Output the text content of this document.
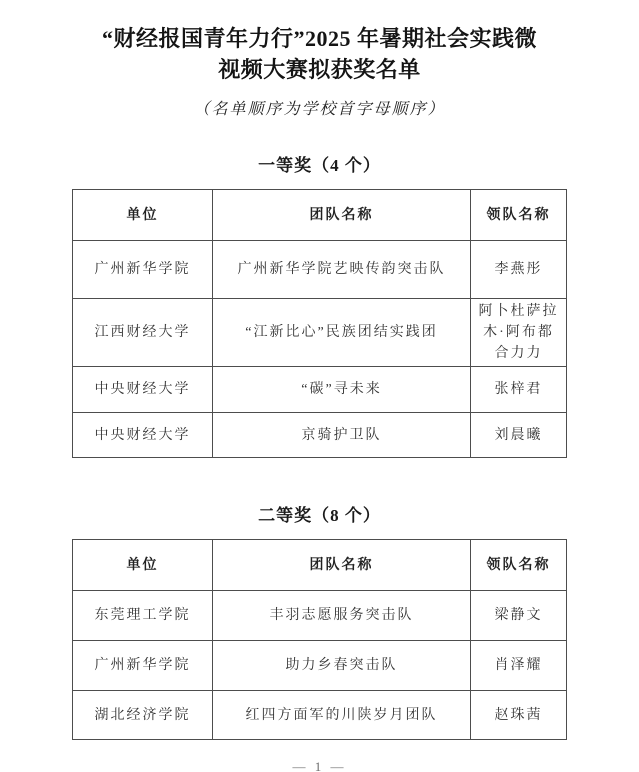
“财经报国青年力行”2025 年暑期社会实践微
视频大赛拟获奖名单
（名单顺序为学校首字母顺序）
一等奖（4 个）
单位	团队名称	领队名称
广州新华学院	广州新华学院艺映传韵突击队	李燕彤
江西财经大学	“江新比心”民族团结实践团	阿卜杜萨拉木·阿布都合力力
中央财经大学	“碳”寻未来	张梓君
中央财经大学	京骑护卫队	刘晨曦
二等奖（8 个）
单位	团队名称	领队名称
东莞理工学院	丰羽志愿服务突击队	梁静文
广州新华学院	助力乡春突击队	肖泽耀
湖北经济学院	红四方面军的川陕岁月团队	赵珠茜
— 1 —
